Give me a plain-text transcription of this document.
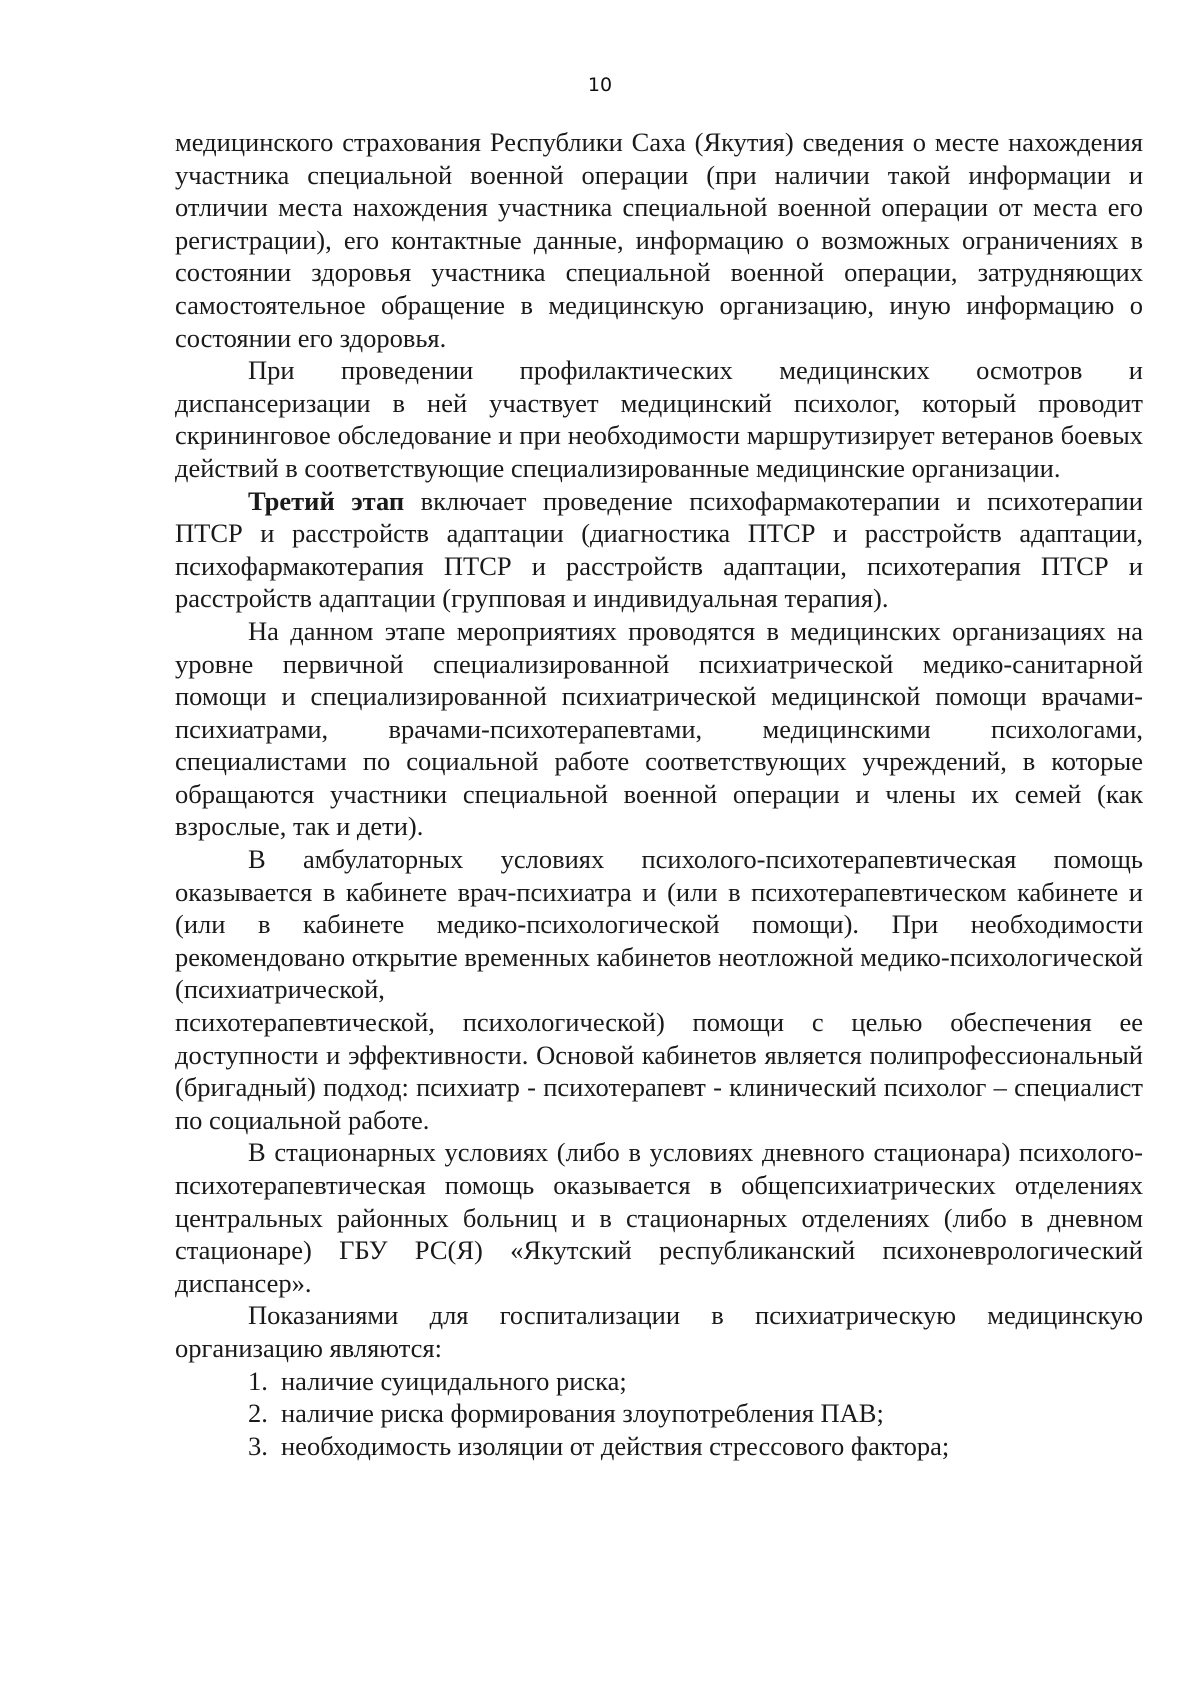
10

медицинского страхования Республики Саха (Якутия) сведения о месте нахождения участника специальной военной операции (при наличии такой информации и отличии места нахождения участника специальной военной операции от места его регистрации), его контактные данные, информацию о возможных ограничениях в состоянии здоровья участника специальной военной операции, затрудняющих самостоятельное обращение в медицинскую организацию, иную информацию о состоянии его здоровья.

При проведении профилактических медицинских осмотров и диспансеризации в ней участвует медицинский психолог, который проводит скрининговое обследование и при необходимости маршрутизирует ветеранов боевых действий в соответствующие специализированные медицинские организации.

Третий этап включает проведение психофармакотерапии и психотерапии ПТСР и расстройств адаптации (диагностика ПТСР и расстройств адаптации, психофармакотерапия ПТСР и расстройств адаптации, психотерапия ПТСР и расстройств адаптации (групповая и индивидуальная терапия).

На данном этапе мероприятиях проводятся в медицинских организациях на уровне первичной специализированной психиатрической медико-санитарной помощи и специализированной психиатрической медицинской помощи врачами-психиатрами, врачами-психотерапевтами, медицинскими психологами, специалистами по социальной работе соответствующих учреждений, в которые обращаются участники специальной военной операции и члены их семей (как взрослые, так и дети).

В амбулаторных условиях психолого-психотерапевтическая помощь оказывается в кабинете врач-психиатра и (или в психотерапевтическом кабинете и (или в кабинете медико-психологической помощи). При необходимости рекомендовано открытие временных кабинетов неотложной медико-психологической (психиатрической,

психотерапевтической, психологической) помощи с целью обеспечения ее доступности и эффективности. Основой кабинетов является полипрофессиональный (бригадный) подход: психиатр - психотерапевт - клинический психолог – специалист по социальной работе.

В стационарных условиях (либо в условиях дневного стационара) психолого-психотерапевтическая помощь оказывается в общепсихиатрических отделениях центральных районных больниц и в стационарных отделениях (либо в дневном стационаре) ГБУ РС(Я) «Якутский республиканский психоневрологический диспансер».

Показаниями для госпитализации в психиатрическую медицинскую организацию являются:

1. наличие суицидального риска;
2. наличие риска формирования злоупотребления ПАВ;
3. необходимость изоляции от действия стрессового фактора;
